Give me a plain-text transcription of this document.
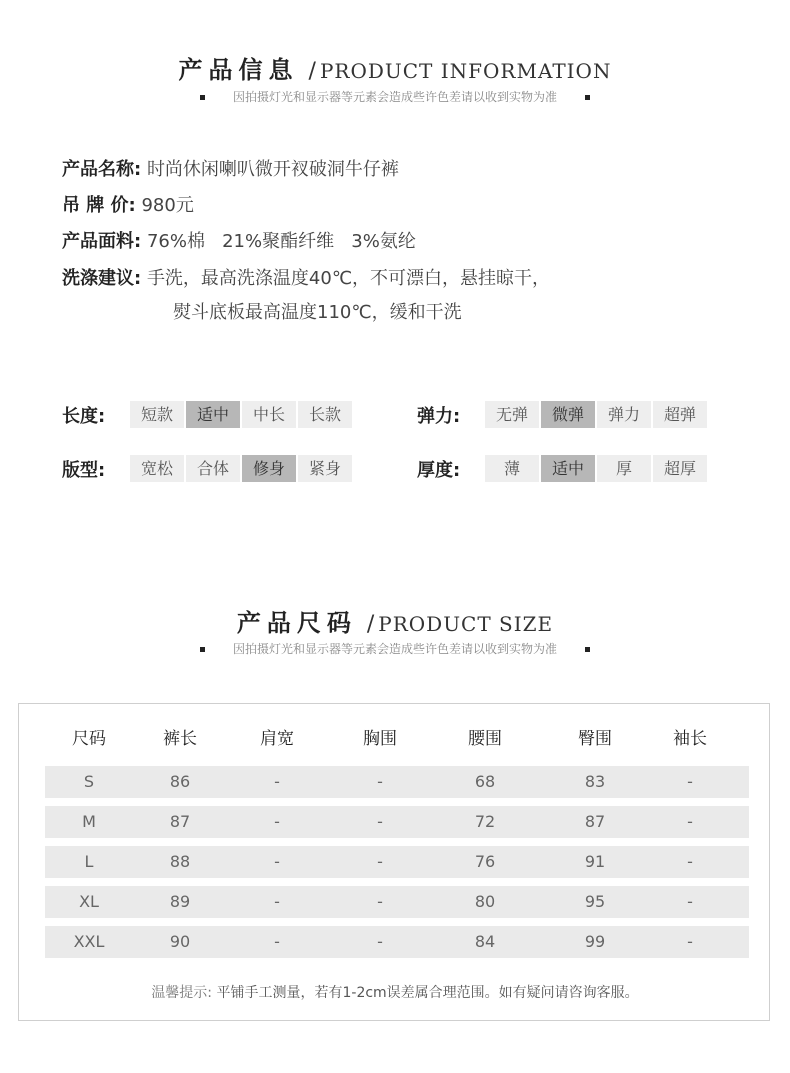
产品信息 / PRODUCT INFORMATION
因拍摄灯光和显示器等元素会造成些许色差请以收到实物为准
产品名称: 时尚休闲喇叭微开衩破洞牛仔裤
吊 牌 价: 980元
产品面料: 76%棉   21%聚酯纤维   3%氨纶
洗涤建议: 手洗，最高洗涤温度40℃，不可漂白，悬挂晾干，
熨斗底板最高温度110℃，缓和干洗
长度: 短款 适中 中长 长款	弹力: 无弹 微弹 弹力 超弹
版型: 宽松 合体 修身 紧身	厚度:	薄 适中 厚 超厚
产品尺码 / PRODUCT SIZE
因拍摄灯光和显示器等元素会造成些许色差请以收到实物为准
尺码	裤长	肩宽	胸围	腰围	臀围	袖长
S	86	-	-	68	83	-
M	87	-	-	72	87	-
L	88	-	-	76	91	-
XL	89	-	-	80	95	-
XXL	90	-	-	84	99	-
温馨提示: 平铺手工测量，若有1-2cm误差属合理范围。如有疑问请咨询客服。
